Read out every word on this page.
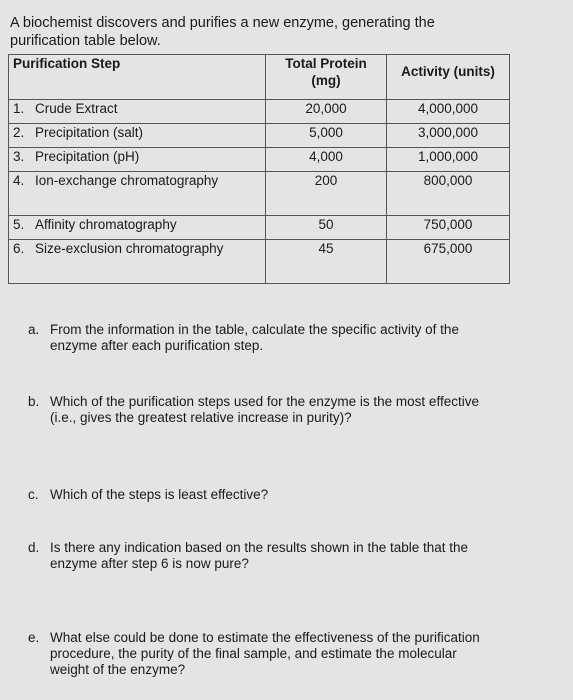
A biochemist discovers and purifies a new enzyme, generating the purification table below.
Purification Step	Total Protein (mg)	Activity (units)
1. Crude Extract	20,000	4,000,000
2. Precipitation (salt)	5,000	3,000,000
3. Precipitation (pH)	4,000	1,000,000
4. Ion-exchange chromatography	200	800,000
5. Affinity chromatography	50	750,000
6. Size-exclusion chromatography	45	675,000
a. From the information in the table, calculate the specific activity of the enzyme after each purification step.
b. Which of the purification steps used for the enzyme is the most effective (i.e., gives the greatest relative increase in purity)?
c. Which of the steps is least effective?
d. Is there any indication based on the results shown in the table that the enzyme after step 6 is now pure?
e. What else could be done to estimate the effectiveness of the purification procedure, the purity of the final sample, and estimate the molecular weight of the enzyme?
